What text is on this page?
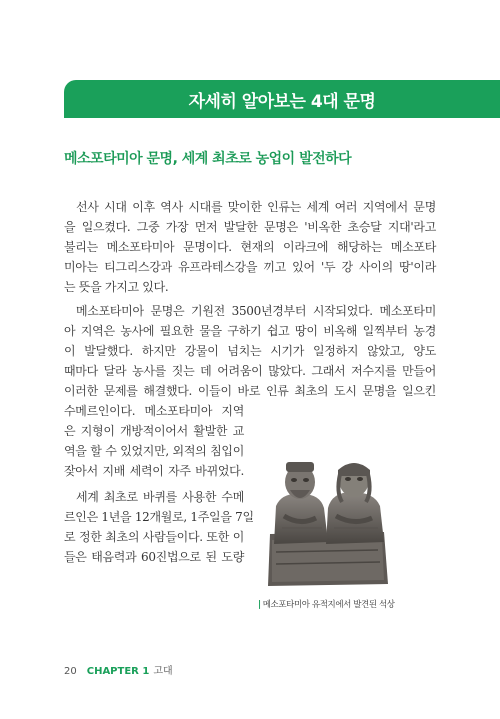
자세히 알아보는 4대 문명
메소포타미아 문명, 세계 최초로 농업이 발전하다
선사 시대 이후 역사 시대를 맞이한 인류는 세계 여러 지역에서 문명
을 일으켰다. 그중 가장 먼저 발달한 문명은 '비옥한 초승달 지대'라고
불리는 메소포타미아 문명이다. 현재의 이라크에 해당하는 메소포타
미아는 티그리스강과 유프라테스강을 끼고 있어 '두 강 사이의 땅'이라
는 뜻을 가지고 있다.
메소포타미아 문명은 기원전 3500년경부터 시작되었다. 메소포타미
아 지역은 농사에 필요한 물을 구하기 쉽고 땅이 비옥해 일찍부터 농경
이 발달했다. 하지만 강물이 넘치는 시기가 일정하지 않았고, 양도
때마다 달라 농사를 짓는 데 어려움이 많았다. 그래서 저수지를 만들어
이러한 문제를 해결했다. 이들이 바로 인류 최초의 도시 문명을 일으킨
수메르인이다. 메소포타미아 지역
은 지형이 개방적이어서 활발한 교
역을 할 수 있었지만, 외적의 침입이
잦아서 지배 세력이 자주 바뀌었다.
세계 최초로 바퀴를 사용한 수메
르인은 1년을 12개월로, 1주일을 7일
로 정한 최초의 사람들이다. 또한 이
들은 태음력과 60진법으로 된 도량
| 메소포타미아 유적지에서 발견된 석상
20 CHAPTER 1 고대
